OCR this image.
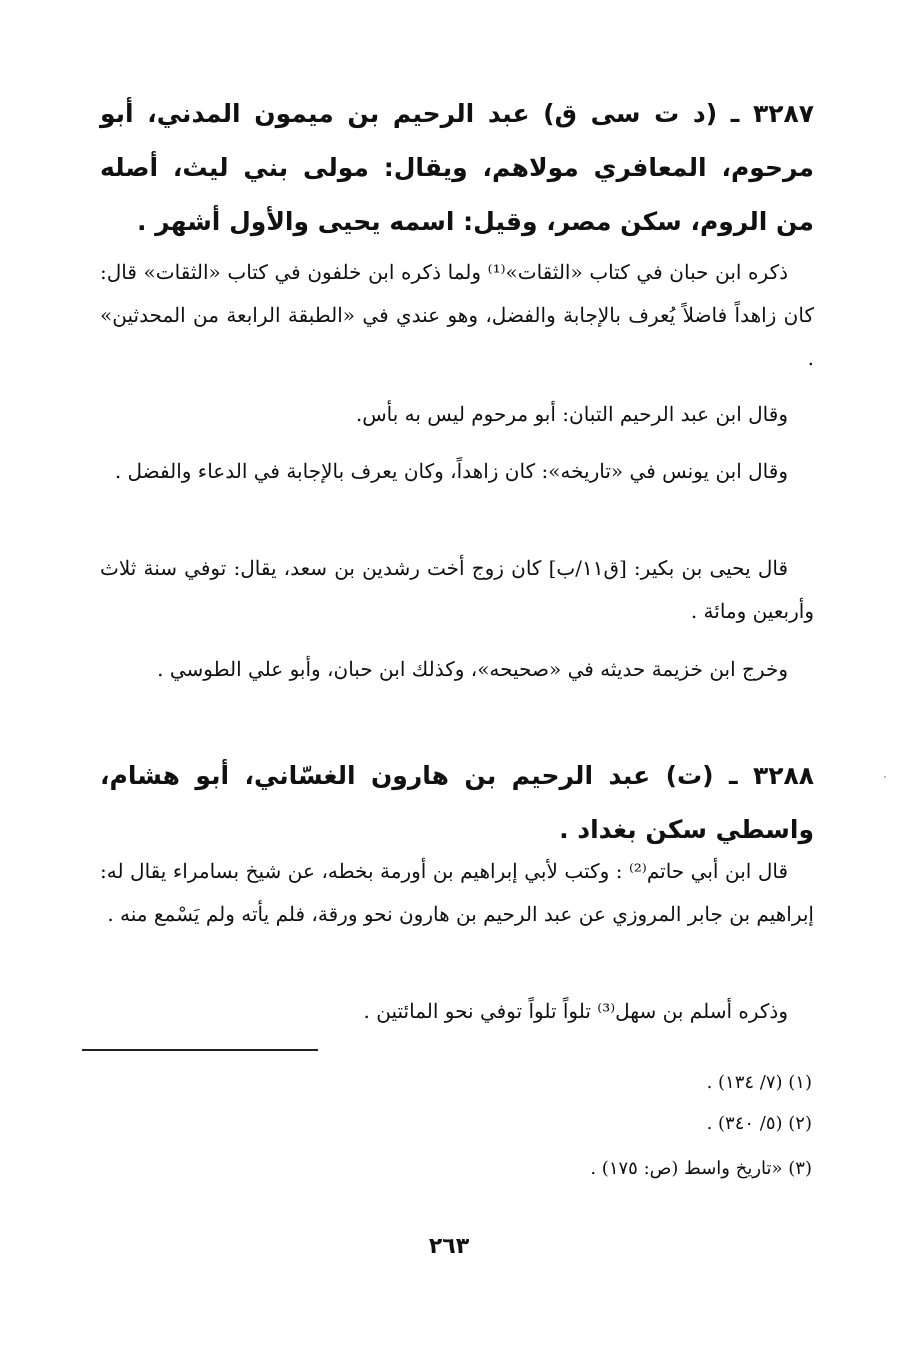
٣٢٨٧ ـ (د ت سى ق) عبد الرحيم بن ميمون المدني، أبو مرحوم، المعافري مولاهم، ويقال: مولى بني ليث، أصله من الروم، سكن مصر، وقيل: اسمه يحيى والأول أشهر .
ذكره ابن حبان في كتاب «الثقات»⁽¹⁾ ولما ذكره ابن خلفون في كتاب «الثقات» قال: كان زاهداً فاضلاً يُعرف بالإجابة والفضل، وهو عندي في «الطبقة الرابعة من المحدثين» .
وقال ابن عبد الرحيم التبان: أبو مرحوم ليس به بأس.
وقال ابن يونس في «تاريخه»: كان زاهداً، وكان يعرف بالإجابة في الدعاء والفضل .
قال يحيى بن بكير: [ق١١/ب] كان زوج أخت رشدين بن سعد، يقال: توفي سنة ثلاث وأربعين ومائة .
وخرج ابن خزيمة حديثه في «صحيحه»، وكذلك ابن حبان، وأبو علي الطوسي .
٣٢٨٨ ـ (ت) عبد الرحيم بن هارون الغسّاني، أبو هشام، واسطي سكن بغداد .
قال ابن أبي حاتم⁽²⁾ : وكتب لأبي إبراهيم بن أورمة بخطه، عن شيخ بسامراء يقال له: إبراهيم بن جابر المروزي عن عبد الرحيم بن هارون نحو ورقة، فلم يأته ولم يَسْمع منه .
وذكره أسلم بن سهل⁽³⁾ تلواً تلواً توفي نحو المائتين .
(١) (٧/ ١٣٤) .
(٢) (٥/ ٣٤٠) .
(٣) «تاريخ واسط (ص: ١٧٥) .
٢٦٣
